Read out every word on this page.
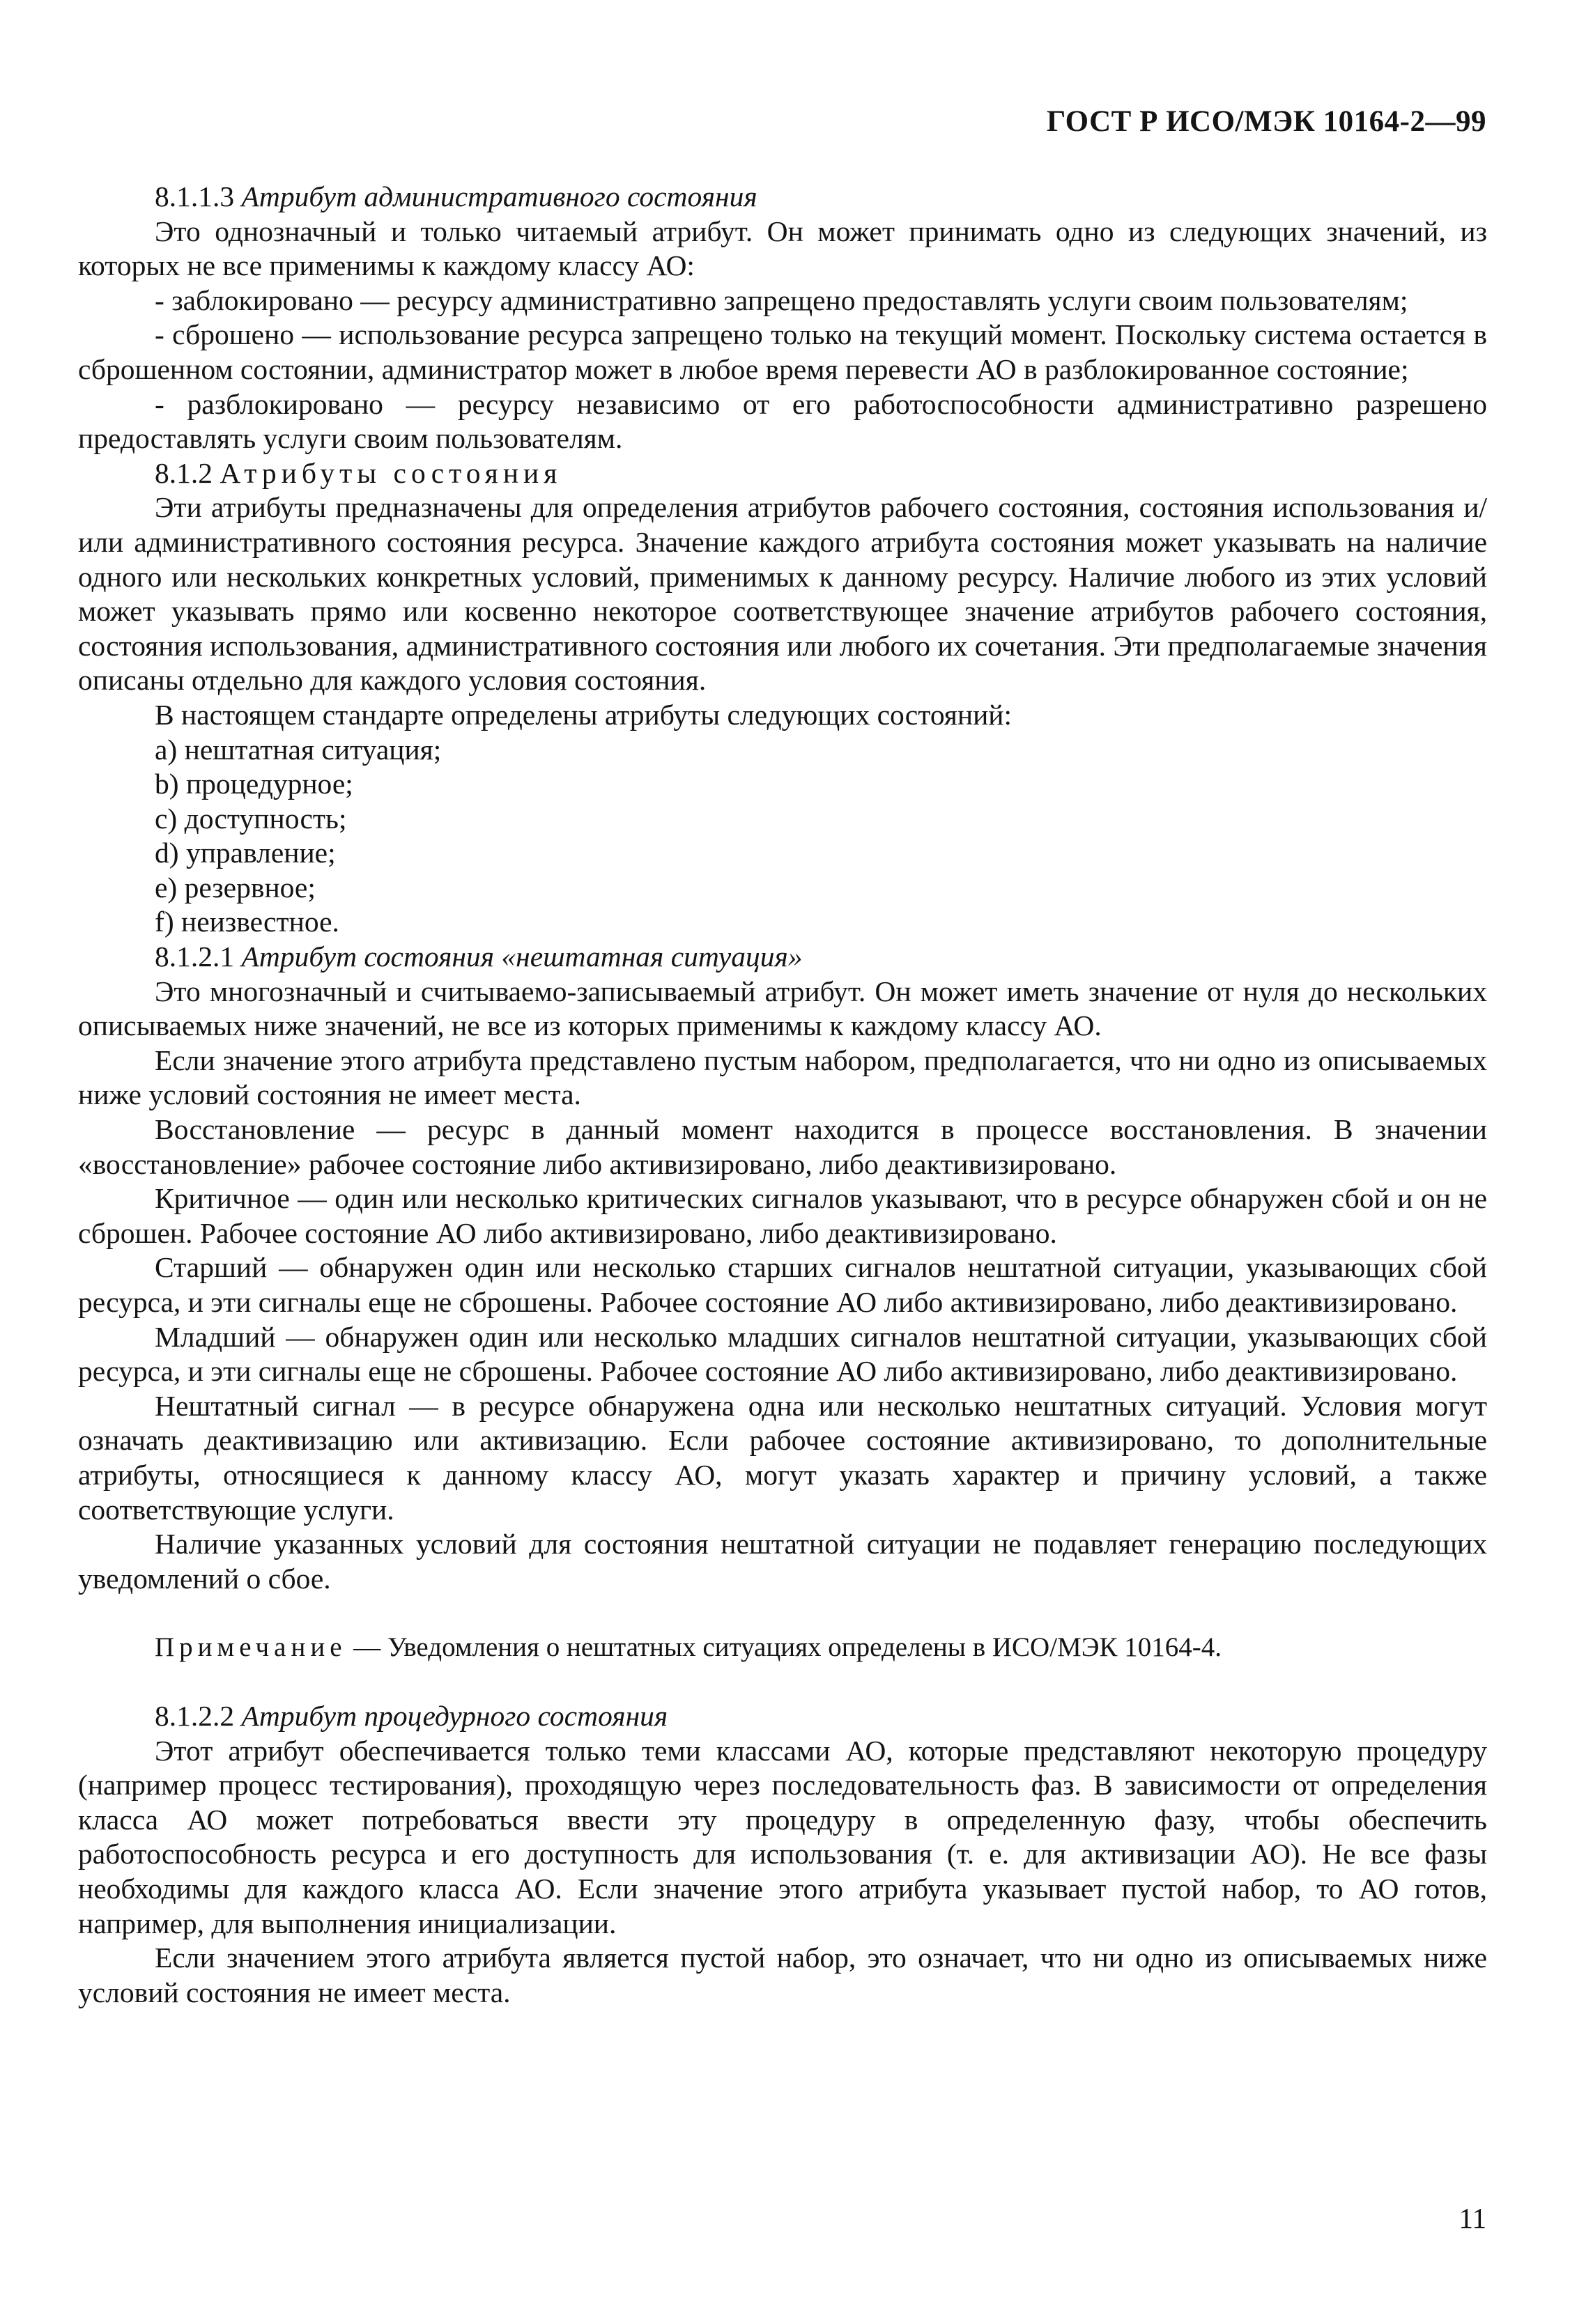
ГОСТ Р ИСО/МЭК 10164-2—99

8.1.1.3 Атрибут административного состояния

Это однозначный и только читаемый атрибут. Он может принимать одно из следующих значений, из которых не все применимы к каждому классу АО:

- заблокировано — ресурсу административно запрещено предоставлять услуги своим пользователям;

- сброшено — использование ресурса запрещено только на текущий момент. Поскольку система остается в сброшенном состоянии, администратор может в любое время перевести АО в разблокированное состояние;

- разблокировано — ресурсу независимо от его работоспособности административно разрешено предоставлять услуги своим пользователям.

8.1.2 Атрибуты состояния

Эти атрибуты предназначены для определения атрибутов рабочего состояния, состояния использования и/или административного состояния ресурса. Значение каждого атрибута состояния может указывать на наличие одного или нескольких конкретных условий, применимых к данному ресурсу. Наличие любого из этих условий может указывать прямо или косвенно некоторое соответствующее значение атрибутов рабочего состояния, состояния использования, административного состояния или любого их сочетания. Эти предполагаемые значения описаны отдельно для каждого условия состояния.

В настоящем стандарте определены атрибуты следующих состояний:

a) нештатная ситуация;

b) процедурное;

c) доступность;

d) управление;

e) резервное;

f) неизвестное.

8.1.2.1 Атрибут состояния «нештатная ситуация»

Это многозначный и считываемо-записываемый атрибут. Он может иметь значение от нуля до нескольких описываемых ниже значений, не все из которых применимы к каждому классу АО.

Если значение этого атрибута представлено пустым набором, предполагается, что ни одно из описываемых ниже условий состояния не имеет места.

Восстановление — ресурс в данный момент находится в процессе восстановления. В значении «восстановление» рабочее состояние либо активизировано, либо деактивизировано.

Критичное — один или несколько критических сигналов указывают, что в ресурсе обнаружен сбой и он не сброшен. Рабочее состояние АО либо активизировано, либо деактивизировано.

Старший — обнаружен один или несколько старших сигналов нештатной ситуации, указывающих сбой ресурса, и эти сигналы еще не сброшены. Рабочее состояние АО либо активизировано, либо деактивизировано.

Младший — обнаружен один или несколько младших сигналов нештатной ситуации, указывающих сбой ресурса, и эти сигналы еще не сброшены. Рабочее состояние АО либо активизировано, либо деактивизировано.

Нештатный сигнал — в ресурсе обнаружена одна или несколько нештатных ситуаций. Условия могут означать деактивизацию или активизацию. Если рабочее состояние активизировано, то дополнительные атрибуты, относящиеся к данному классу АО, могут указать характер и причину условий, а также соответствующие услуги.

Наличие указанных условий для состояния нештатной ситуации не подавляет генерацию последующих уведомлений о сбое.

Примечание — Уведомления о нештатных ситуациях определены в ИСО/МЭК 10164-4.

8.1.2.2 Атрибут процедурного состояния

Этот атрибут обеспечивается только теми классами АО, которые представляют некоторую процедуру (например процесс тестирования), проходящую через последовательность фаз. В зависимости от определения класса АО может потребоваться ввести эту процедуру в определенную фазу, чтобы обеспечить работоспособность ресурса и его доступность для использования (т. е. для активизации АО). Не все фазы необходимы для каждого класса АО. Если значение этого атрибута указывает пустой набор, то АО готов, например, для выполнения инициализации.

Если значением этого атрибута является пустой набор, это означает, что ни одно из описываемых ниже условий состояния не имеет места.

11
